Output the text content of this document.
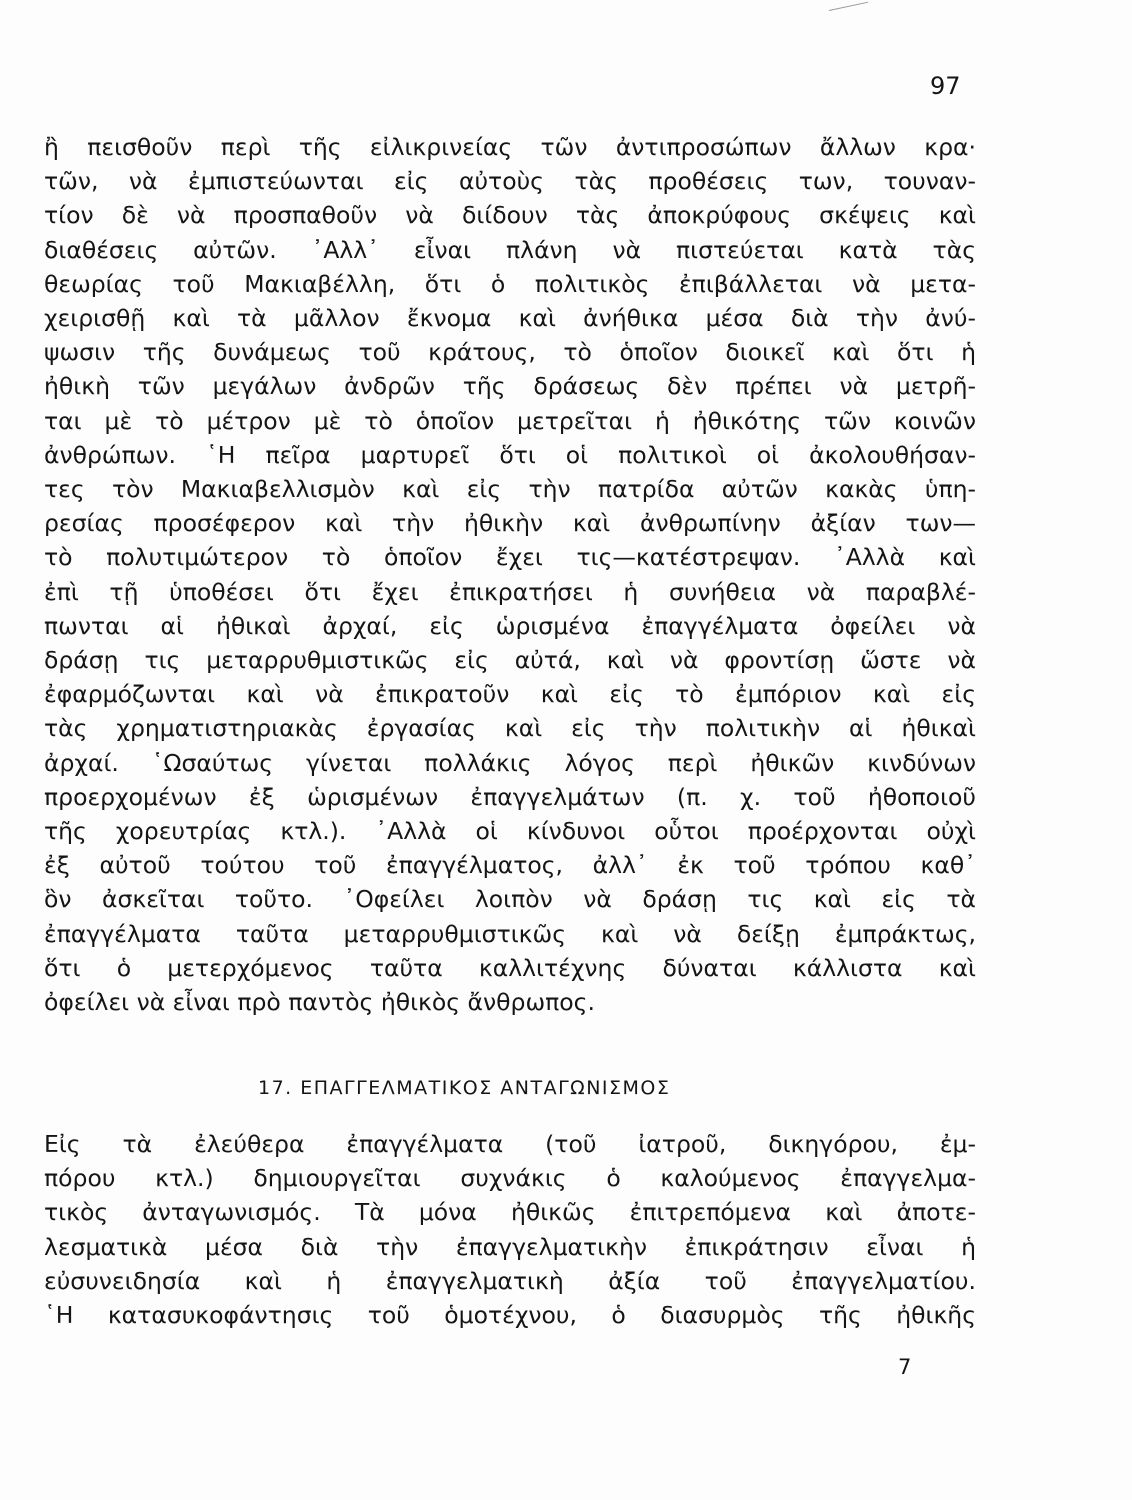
97
ἢ πεισθοῦν περὶ τῆς εἰλικρινείας τῶν ἀντιπροσώπων ἄλλων κρα·
τῶν, νὰ ἐμπιστεύωνται εἰς αὐτοὺς τὰς προθέσεις των, τουναν-
τίον δὲ νὰ προσπαθοῦν νὰ διίδουν τὰς ἀποκρύφους σκέψεις καὶ
διαθέσεις αὐτῶν. ᾿Αλλ᾿ εἶναι πλάνη νὰ πιστεύεται κατὰ τὰς
θεωρίας τοῦ Μακιαβέλλη, ὅτι ὁ πολιτικὸς ἐπιβάλλεται νὰ μετα-
χειρισθῇ καὶ τὰ μᾶλλον ἔκνομα καὶ ἀνήθικα μέσα διὰ τὴν ἀνύ-
ψωσιν τῆς δυνάμεως τοῦ κράτους, τὸ ὁποῖον διοικεῖ καὶ ὅτι ἡ
ἠθικὴ τῶν μεγάλων ἀνδρῶν τῆς δράσεως δὲν πρέπει νὰ μετρῆ-
ται μὲ τὸ μέτρον μὲ τὸ ὁποῖον μετρεῖται ἡ ἠθικότης τῶν κοινῶν
ἀνθρώπων. ῾Η πεῖρα μαρτυρεῖ ὅτι οἱ πολιτικοὶ οἱ ἀκολουθήσαν-
τες τὸν Μακιαβελλισμὸν καὶ εἰς τὴν πατρίδα αὐτῶν κακὰς ὑπη-
ρεσίας προσέφερον καὶ τὴν ἠθικὴν καὶ ἀνθρωπίνην ἀξίαν των—
τὸ πολυτιμώτερον τὸ ὁποῖον ἔχει τις—κατέστρεψαν. ᾿Αλλὰ καὶ
ἐπὶ τῇ ὑποθέσει ὅτι ἔχει ἐπικρατήσει ἡ συνήθεια νὰ παραβλέ-
πωνται αἱ ἠθικαὶ ἀρχαί, εἰς ὡρισμένα ἐπαγγέλματα ὀφείλει νὰ
δράσῃ τις μεταρρυθμιστικῶς εἰς αὐτά, καὶ νὰ φροντίσῃ ὥστε νὰ
ἐφαρμόζωνται καὶ νὰ ἐπικρατοῦν καὶ εἰς τὸ ἐμπόριον καὶ εἰς
τὰς χρηματιστηριακὰς ἐργασίας καὶ εἰς τὴν πολιτικὴν αἱ ἠθικαὶ
ἀρχαί. ῾Ωσαύτως γίνεται πολλάκις λόγος περὶ ἠθικῶν κινδύνων
προερχομένων ἐξ ὡρισμένων ἐπαγγελμάτων (π. χ. τοῦ ἠθοποιοῦ
τῆς χορευτρίας κτλ.). ᾿Αλλὰ οἱ κίνδυνοι οὗτοι προέρχονται οὐχὶ
ἐξ αὐτοῦ τούτου τοῦ ἐπαγγέλματος, ἀλλ᾿ ἐκ τοῦ τρόπου καθ᾿
ὃν ἀσκεῖται τοῦτο. ᾿Οφείλει λοιπὸν νὰ δράσῃ τις καὶ εἰς τὰ
ἐπαγγέλματα ταῦτα μεταρρυθμιστικῶς καὶ νὰ δείξῃ ἐμπράκτως,
ὅτι ὁ μετερχόμενος ταῦτα καλλιτέχνης δύναται κάλλιστα καὶ
ὀφείλει νὰ εἶναι πρὸ παντὸς ἠθικὸς ἄνθρωπος.
17. ΕΠΑΓΓΕΛΜΑΤΙΚΟΣ ΑΝΤΑΓΩΝΙΣΜΟΣ
Εἰς τὰ ἐλεύθερα ἐπαγγέλματα (τοῦ ἰατροῦ, δικηγόρου, ἐμ-
πόρου κτλ.) δημιουργεῖται συχνάκις ὁ καλούμενος ἐπαγγελμα-
τικὸς ἀνταγωνισμός. Τὰ μόνα ἠθικῶς ἐπιτρεπόμενα καὶ ἀποτε-
λεσματικὰ μέσα διὰ τὴν ἐπαγγελματικὴν ἐπικράτησιν εἶναι ἡ
εὐσυνειδησία καὶ ἡ ἐπαγγελματικὴ ἀξία τοῦ ἐπαγγελματίου.
῾Η κατασυκοφάντησις τοῦ ὁμοτέχνου, ὁ διασυρμὸς τῆς ἠθικῆς
7
